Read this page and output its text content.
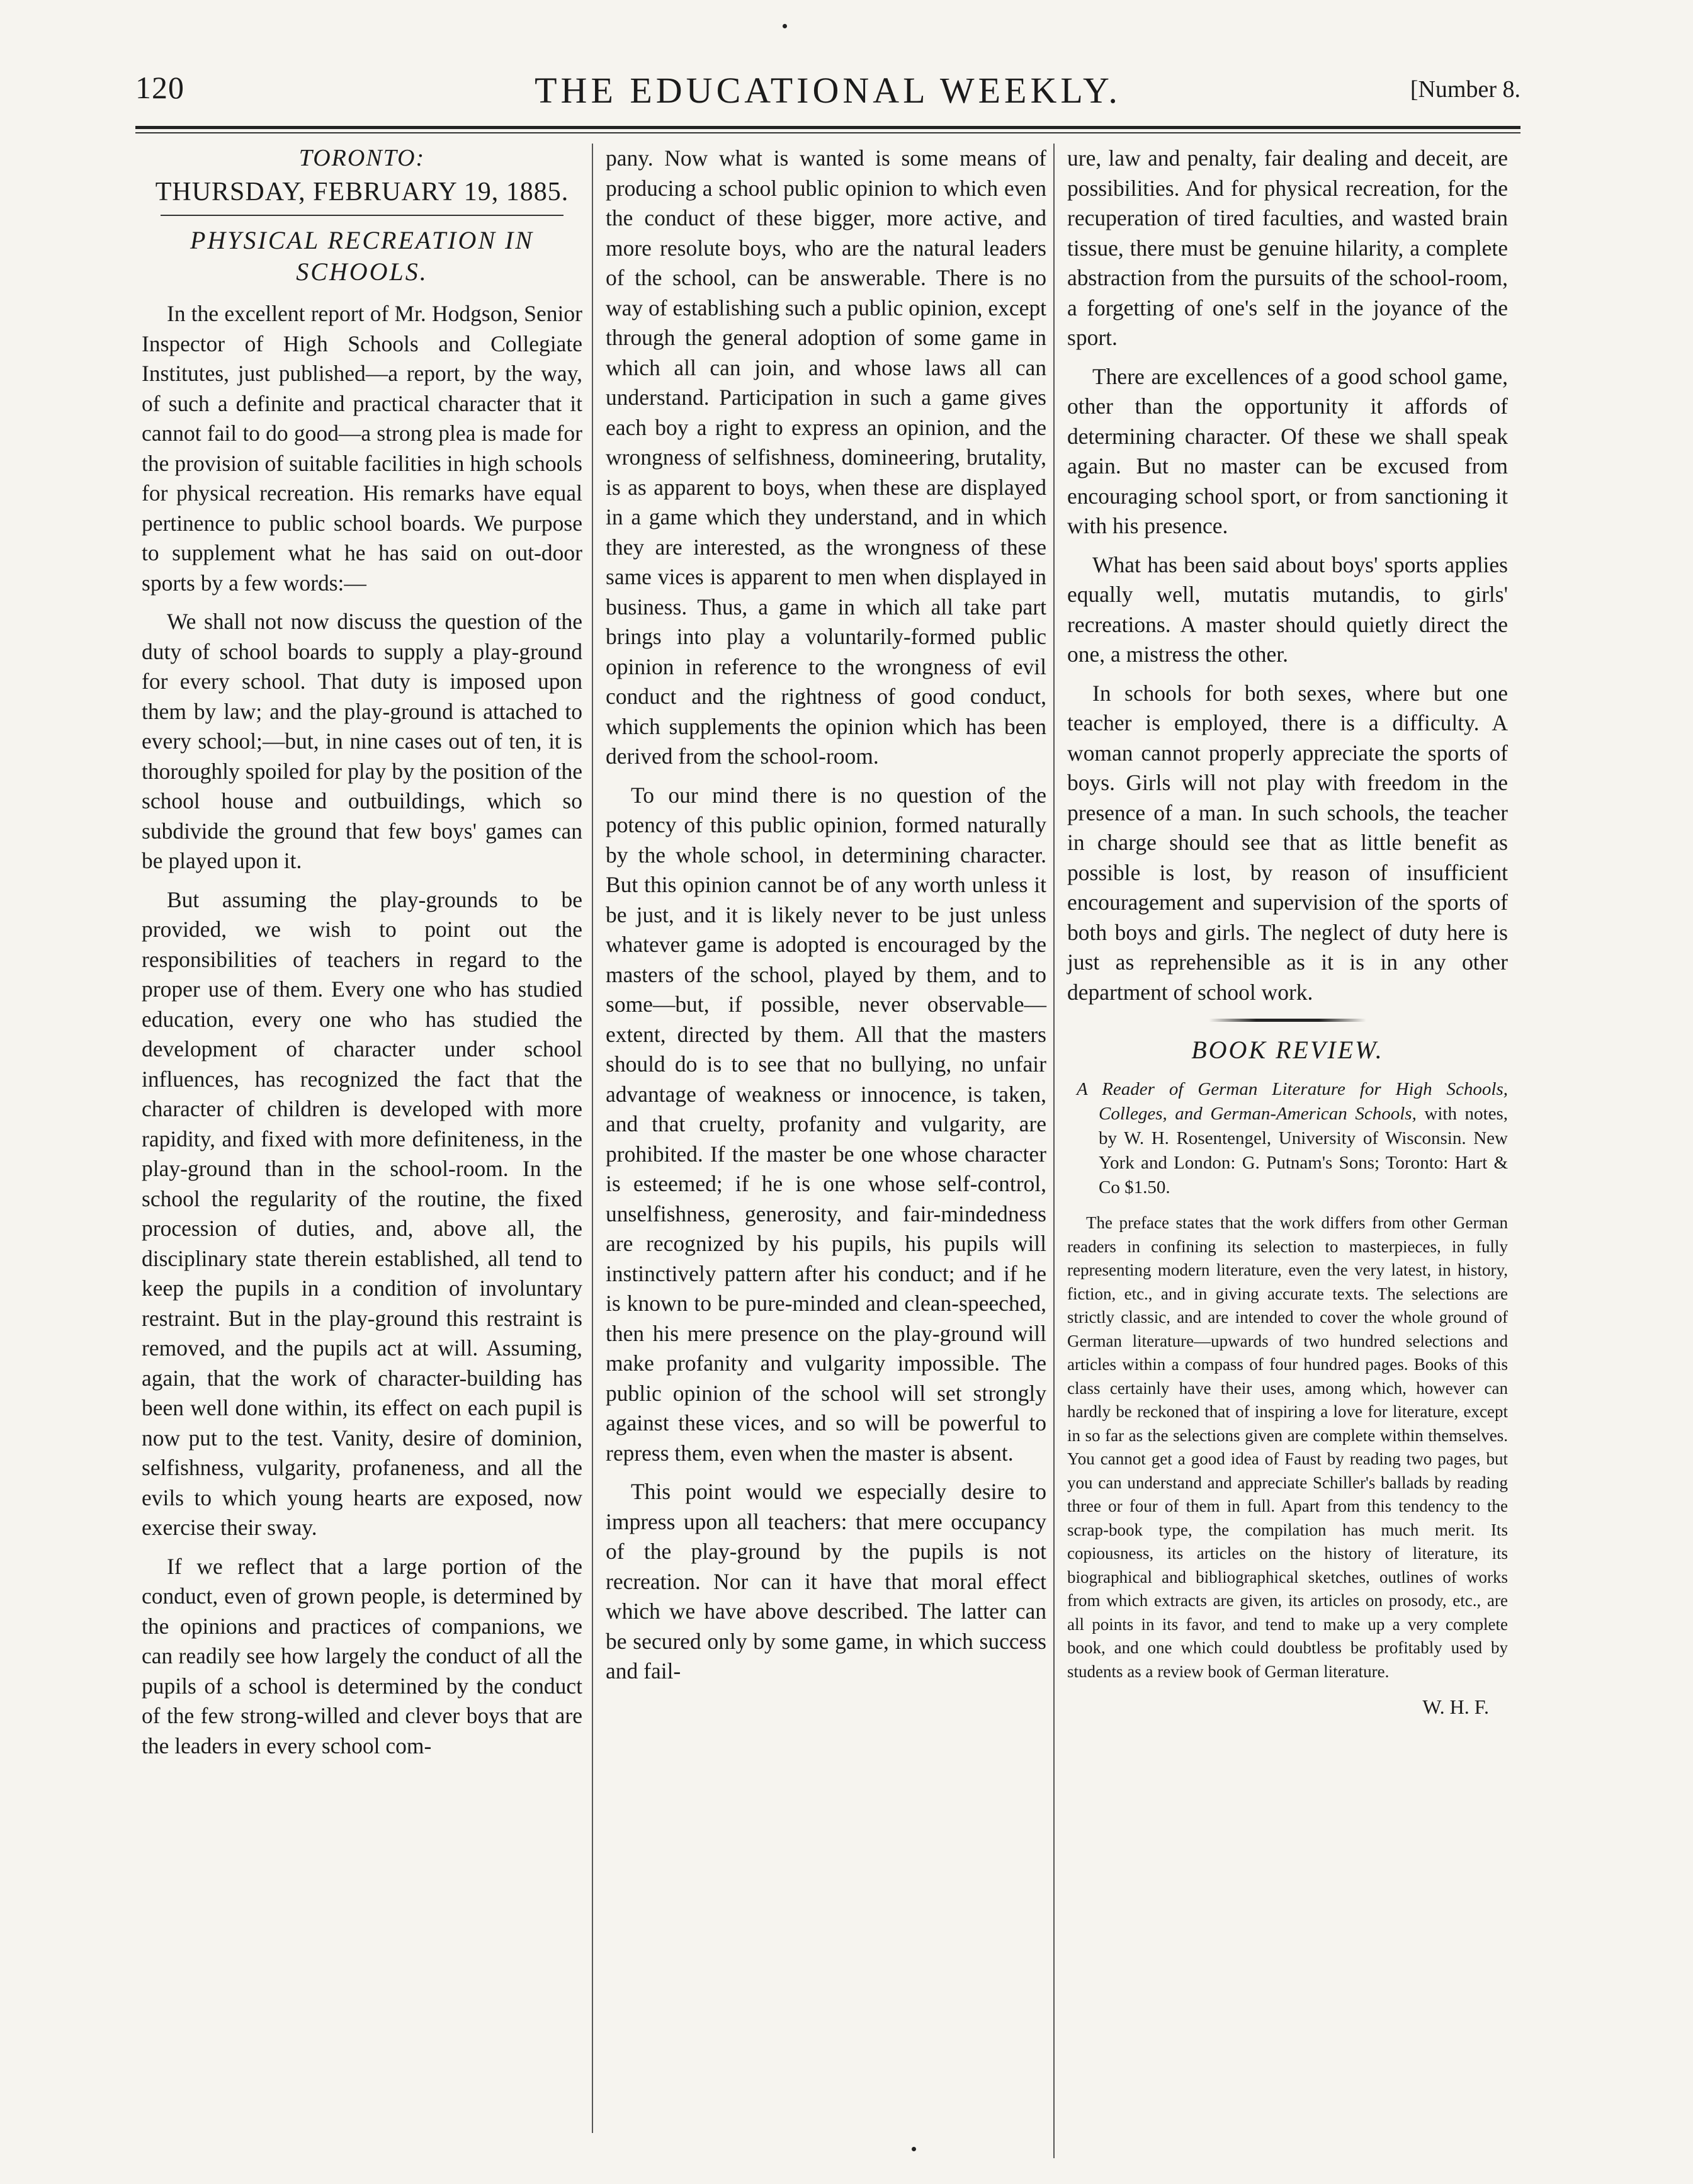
120	THE EDUCATIONAL WEEKLY.	[Number 8.
TORONTO:
THURSDAY, FEBRUARY 19, 1885.
PHYSICAL RECREATION IN SCHOOLS.

In the excellent report of Mr. Hodgson, Senior Inspector of High Schools and Collegiate Institutes, just published—a report, by the way, of such a definite and practical character that it cannot fail to do good—a strong plea is made for the provision of suitable facilities in high schools for physical recreation. His remarks have equal pertinence to public school boards. We purpose to supplement what he has said on out-door sports by a few words:—

We shall not now discuss the question of the duty of school boards to supply a play-ground for every school. That duty is imposed upon them by law; and the play-ground is attached to every school;—but, in nine cases out of ten, it is thoroughly spoiled for play by the position of the school house and outbuildings, which so subdivide the ground that few boys' games can be played upon it.

But assuming the play-grounds to be provided, we wish to point out the responsibilities of teachers in regard to the proper use of them. Every one who has studied education, every one who has studied the development of character under school influences, has recognized the fact that the character of children is developed with more rapidity, and fixed with more definiteness, in the play-ground than in the school-room. In the school the regularity of the routine, the fixed procession of duties, and, above all, the disciplinary state therein established, all tend to keep the pupils in a condition of involuntary restraint. But in the play-ground this restraint is removed, and the pupils act at will. Assuming, again, that the work of character-building has been well done within, its effect on each pupil is now put to the test. Vanity, desire of dominion, selfishness, vulgarity, profaneness, and all the evils to which young hearts are exposed, now exercise their sway.

If we reflect that a large portion of the conduct, even of grown people, is determined by the opinions and practices of companions, we can readily see how largely the conduct of all the pupils of a school is determined by the conduct of the few strong-willed and clever boys that are the leaders in every school com-

pany. Now what is wanted is some means of producing a school public opinion to which even the conduct of these bigger, more active, and more resolute boys, who are the natural leaders of the school, can be answerable. There is no way of establishing such a public opinion, except through the general adoption of some game in which all can join, and whose laws all can understand. Participation in such a game gives each boy a right to express an opinion, and the wrongness of selfishness, domineering, brutality, is as apparent to boys, when these are displayed in a game which they understand, and in which they are interested, as the wrongness of these same vices is apparent to men when displayed in business. Thus, a game in which all take part brings into play a voluntarily-formed public opinion in reference to the wrongness of evil conduct and the rightness of good conduct, which supplements the opinion which has been derived from the school-room.

To our mind there is no question of the potency of this public opinion, formed naturally by the whole school, in determining character. But this opinion cannot be of any worth unless it be just, and it is likely never to be just unless whatever game is adopted is encouraged by the masters of the school, played by them, and to some—but, if possible, never observable—extent, directed by them. All that the masters should do is to see that no bullying, no unfair advantage of weakness or innocence, is taken, and that cruelty, profanity and vulgarity, are prohibited. If the master be one whose character is esteemed; if he is one whose self-control, unselfishness, generosity, and fair-mindedness are recognized by his pupils, his pupils will instinctively pattern after his conduct; and if he is known to be pure-minded and clean-speeched, then his mere presence on the play-ground will make profanity and vulgarity impossible. The public opinion of the school will set strongly against these vices, and so will be powerful to repress them, even when the master is absent.

This point would we especially desire to impress upon all teachers: that mere occupancy of the play-ground by the pupils is not recreation. Nor can it have that moral effect which we have above described. The latter can be secured only by some game, in which success and fail-

ure, law and penalty, fair dealing and deceit, are possibilities. And for physical recreation, for the recuperation of tired faculties, and wasted brain tissue, there must be genuine hilarity, a complete abstraction from the pursuits of the school-room, a forgetting of one's self in the joyance of the sport.

There are excellences of a good school game, other than the opportunity it affords of determining character. Of these we shall speak again. But no master can be excused from encouraging school sport, or from sanctioning it with his presence.

What has been said about boys' sports applies equally well, mutatis mutandis, to girls' recreations. A master should quietly direct the one, a mistress the other.

In schools for both sexes, where but one teacher is employed, there is a difficulty. A woman cannot properly appreciate the sports of boys. Girls will not play with freedom in the presence of a man. In such schools, the teacher in charge should see that as little benefit as possible is lost, by reason of insufficient encouragement and supervision of the sports of both boys and girls. The neglect of duty here is just as reprehensible as it is in any other department of school work.

BOOK REVIEW.
A Reader of German Literature for High Schools, Colleges, and German-American Schools, with notes, by W. H. Rosentengel, University of Wisconsin. New York and London: G. Putnam's Sons; Toronto: Hart & Co $1.50.

The preface states that the work differs from other German readers in confining its selection to masterpieces, in fully representing modern literature, even the very latest, in history, fiction, etc., and in giving accurate texts. The selections are strictly classic, and are intended to cover the whole ground of German literature—upwards of two hundred selections and articles within a compass of four hundred pages. Books of this class certainly have their uses, among which, however can hardly be reckoned that of inspiring a love for literature, except in so far as the selections given are complete within themselves. You cannot get a good idea of Faust by reading two pages, but you can understand and appreciate Schiller's ballads by reading three or four of them in full. Apart from this tendency to the scrap-book type, the compilation has much merit. Its copiousness, its articles on the history of literature, its biographical and bibliographical sketches, outlines of works from which extracts are given, its articles on prosody, etc., are all points in its favor, and tend to make up a very complete book, and one which could doubtless be profitably used by students as a review book of German literature.

W. H. F.
